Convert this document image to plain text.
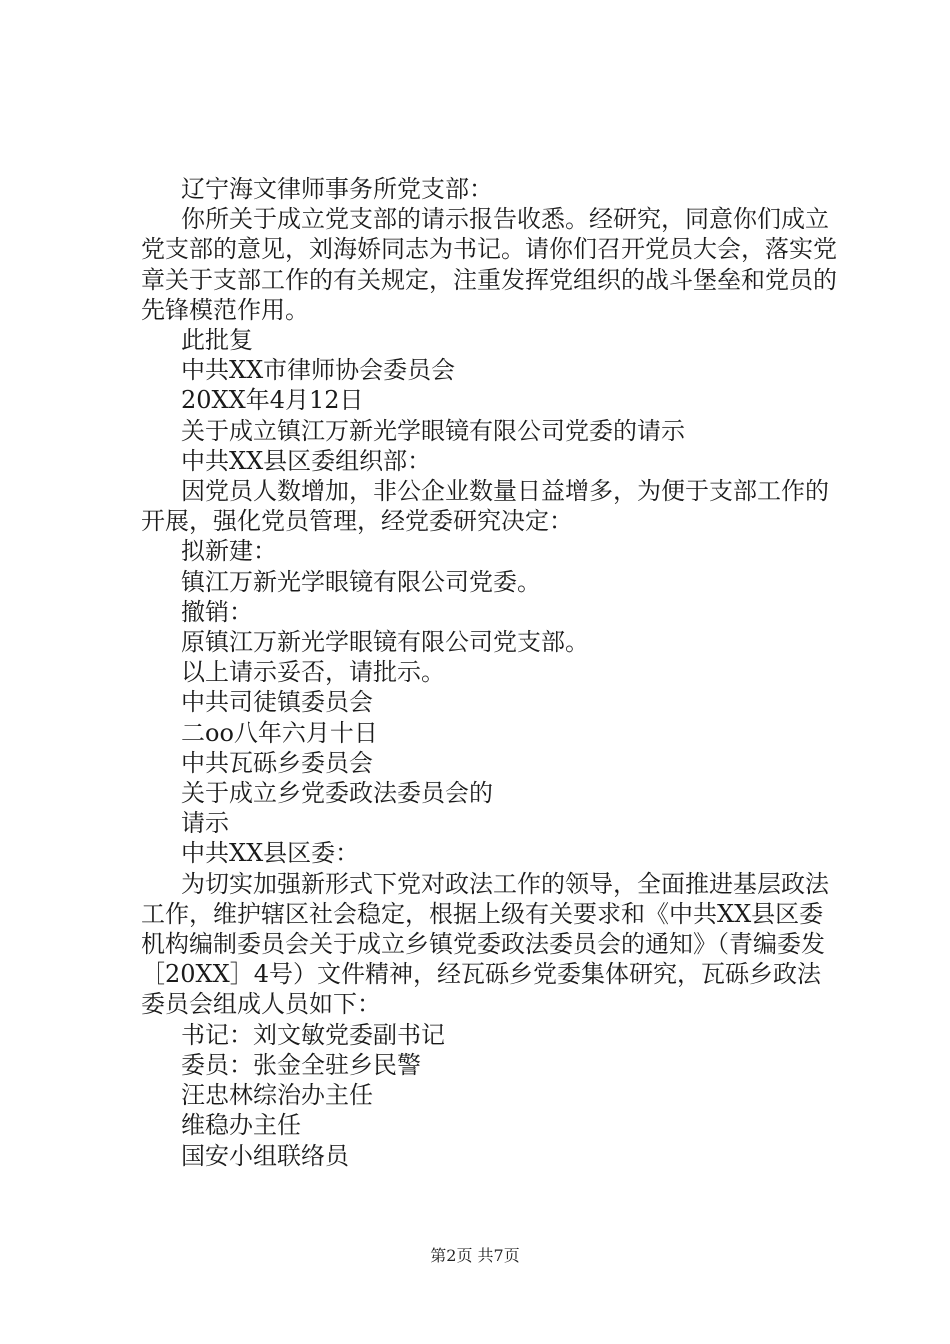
辽宁海文律师事务所党支部：

你所关于成立党支部的请示报告收悉。经研究，同意你们成立党支部的意见，刘海娇同志为书记。请你们召开党员大会，落实党章关于支部工作的有关规定，注重发挥党组织的战斗堡垒和党员的先锋模范作用。

此批复

中共XX市律师协会委员会

20XX年4月12日

关于成立镇江万新光学眼镜有限公司党委的请示

中共XX县区委组织部：

因党员人数增加，非公企业数量日益增多，为便于支部工作的开展，强化党员管理，经党委研究决定：

拟新建：

镇江万新光学眼镜有限公司党委。

撤销：

原镇江万新光学眼镜有限公司党支部。

以上请示妥否，请批示。

中共司徒镇委员会

二oo八年六月十日

中共瓦砾乡委员会

关于成立乡党委政法委员会的

请示

中共XX县区委：

为切实加强新形式下党对政法工作的领导，全面推进基层政法工作，维护辖区社会稳定，根据上级有关要求和《中共XX县区委机构编制委员会关于成立乡镇党委政法委员会的通知》（青编委发［20XX］4号）文件精神，经瓦砾乡党委集体研究，瓦砾乡政法委员会组成人员如下：

书记：刘文敏党委副书记

委员：张金全驻乡民警

汪忠林综治办主任

维稳办主任

国安小组联络员

第2页 共7页
